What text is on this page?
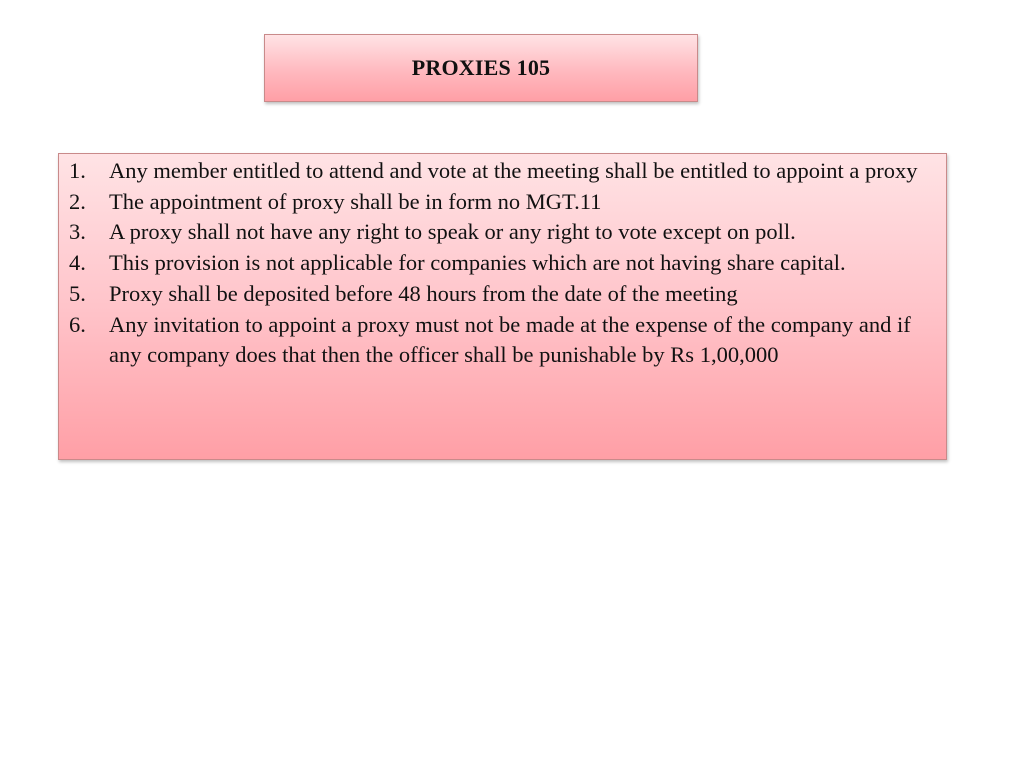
PROXIES 105
1.	Any member entitled to attend and vote at the meeting shall be entitled to appoint a proxy
2.	The appointment of proxy shall be in form no MGT.11
3.	A proxy shall not have any right to speak or any right to vote except on poll.
4.	This provision is not applicable for companies which are not having share capital.
5.	Proxy shall be deposited before 48 hours from the date of the meeting
6.	Any invitation to appoint a proxy must not be made at the expense of the company and if any company does that then the officer shall be punishable by Rs 1,00,000
